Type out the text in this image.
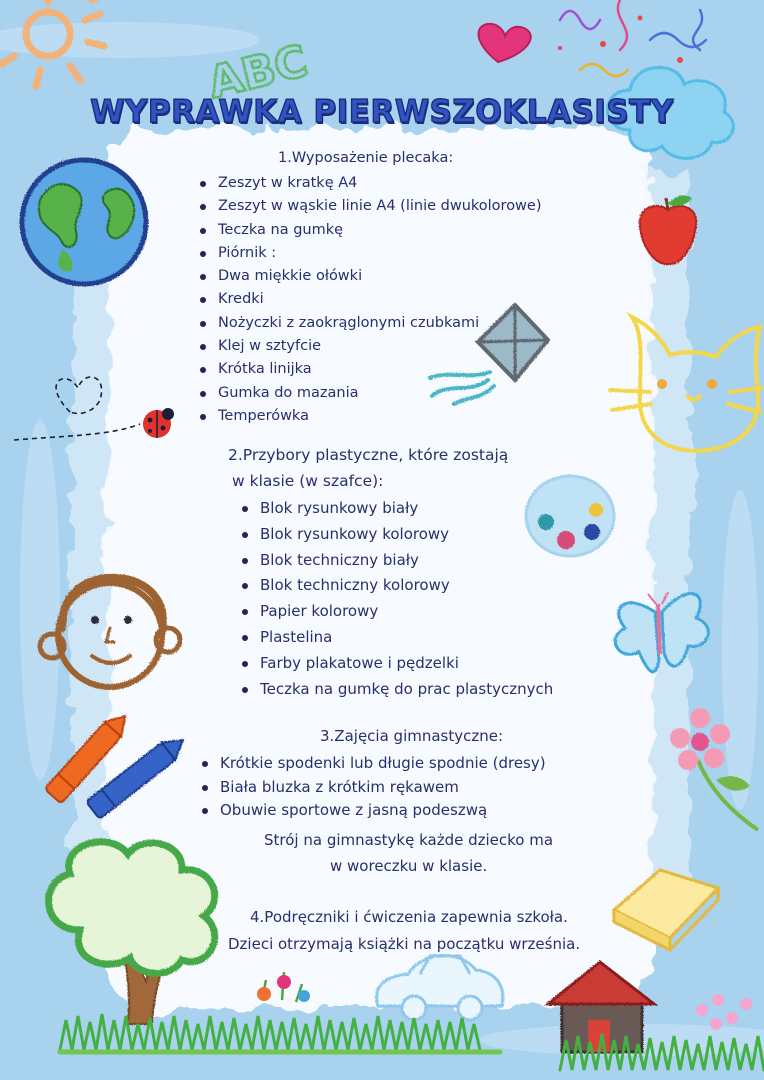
ABC
WYPRAWKA PIERWSZOKLASISTY
1.Wyposażenie plecaka:
Zeszyt w kratkę A4
Zeszyt w wąskie linie A4 (linie dwukolorowe)
Teczka na gumkę
Piórnik :
Dwa miękkie ołówki
Kredki
Nożyczki z zaokrąglonymi czubkami
Klej w sztyfcie
Krótka linijka
Gumka do mazania
Temperówka
2.Przybory plastyczne, które zostają
w klasie (w szafce):
Blok rysunkowy biały
Blok rysunkowy kolorowy
Blok techniczny biały
Blok techniczny kolorowy
Papier kolorowy
Plastelina
Farby plakatowe i pędzelki
Teczka na gumkę do prac plastycznych
3.Zajęcia gimnastyczne:
Krótkie spodenki lub długie spodnie (dresy)
Biała bluzka z krótkim rękawem
Obuwie sportowe z jasną podeszwą
Strój na gimnastykę każde dziecko ma
w woreczku w klasie.
4.Podręczniki i ćwiczenia zapewnia szkoła.
Dzieci otrzymają książki na początku września.
